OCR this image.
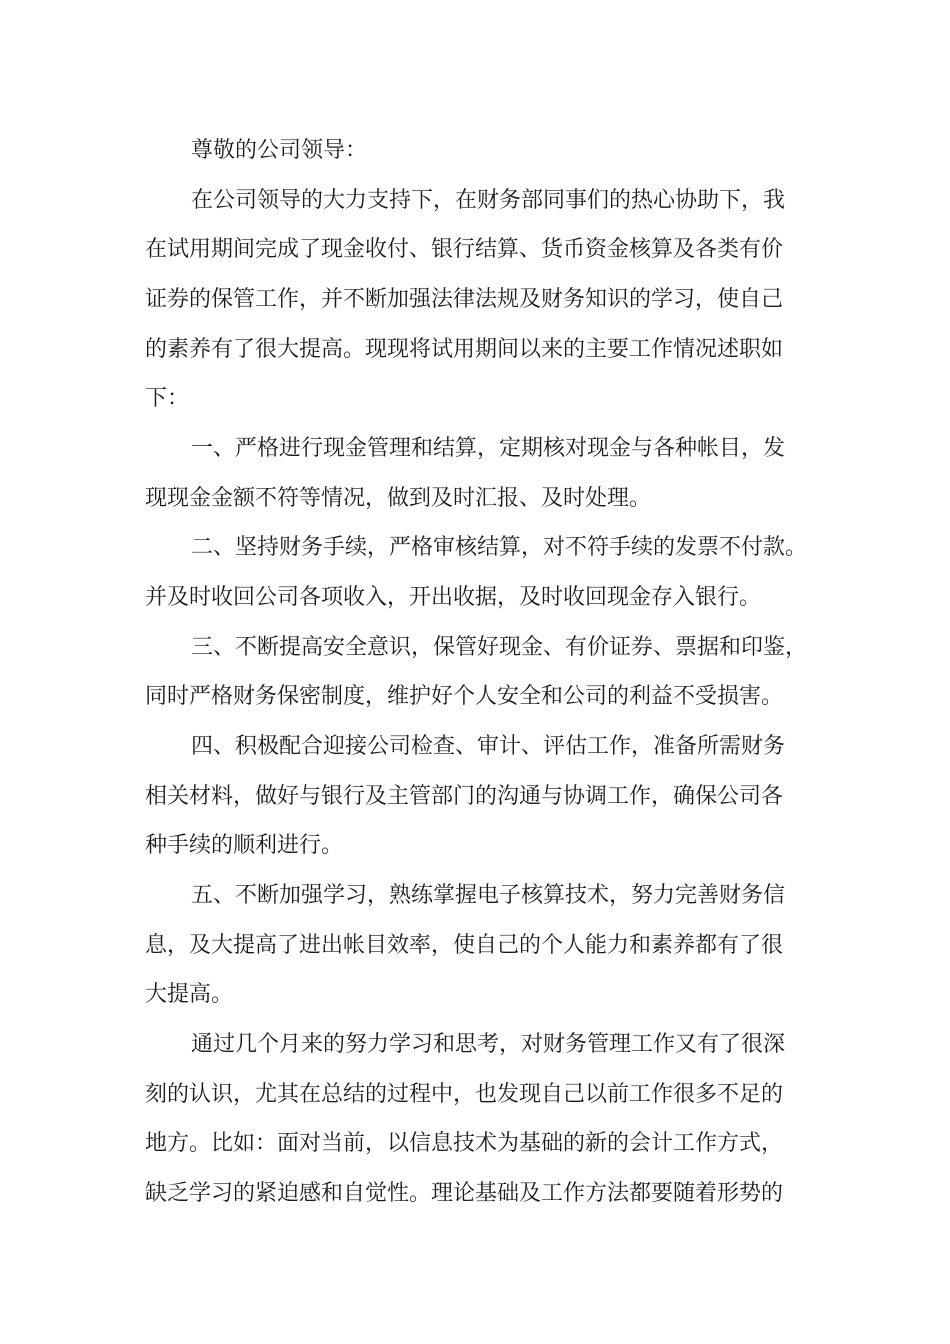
尊敬的公司领导：
在公司领导的大力支持下，在财务部同事们的热心协助下，我
在试用期间完成了现金收付、银行结算、货币资金核算及各类有价
证券的保管工作，并不断加强法律法规及财务知识的学习，使自己
的素养有了很大提高。现现将试用期间以来的主要工作情况述职如
下：
一、严格进行现金管理和结算，定期核对现金与各种帐目，发
现现金金额不符等情况，做到及时汇报、及时处理。
二、坚持财务手续，严格审核结算，对不符手续的发票不付款。
并及时收回公司各项收入，开出收据，及时收回现金存入银行。
三、不断提高安全意识，保管好现金、有价证券、票据和印鉴，
同时严格财务保密制度，维护好个人安全和公司的利益不受损害。
四、积极配合迎接公司检查、审计、评估工作，准备所需财务
相关材料，做好与银行及主管部门的沟通与协调工作，确保公司各
种手续的顺利进行。
五、不断加强学习，熟练掌握电子核算技术，努力完善财务信
息，及大提高了进出帐目效率，使自己的个人能力和素养都有了很
大提高。
通过几个月来的努力学习和思考，对财务管理工作又有了很深
刻的认识，尤其在总结的过程中，也发现自己以前工作很多不足的
地方。比如：面对当前，以信息技术为基础的新的会计工作方式，
缺乏学习的紧迫感和自觉性。理论基础及工作方法都要随着形势的
